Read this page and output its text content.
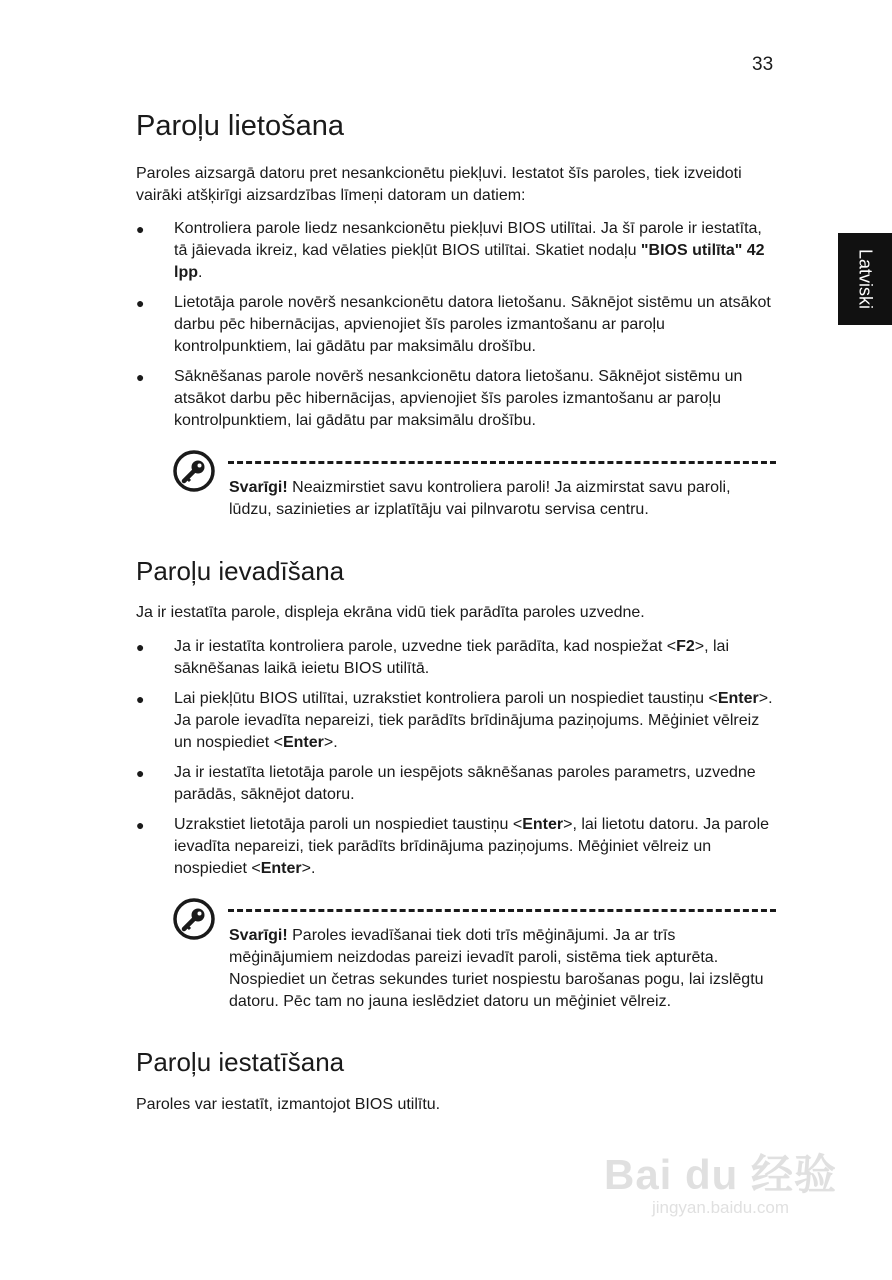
33
Latviski
Paroļu lietošana
Paroles aizsargā datoru pret nesankcionētu piekļuvi. Iestatot šīs paroles, tiek izveidoti vairāki atšķirīgi aizsardzības līmeņi datoram un datiem:
●	Kontroliera parole liedz nesankcionētu piekļuvi BIOS utilītai. Ja šī parole ir iestatīta, tā jāievada ikreiz, kad vēlaties piekļūt BIOS utilītai. Skatiet nodaļu "BIOS utilīta" 42 lpp.
●	Lietotāja parole novērš nesankcionētu datora lietošanu. Sāknējot sistēmu un atsākot darbu pēc hibernācijas, apvienojiet šīs paroles izmantošanu ar paroļu kontrolpunktiem, lai gādātu par maksimālu drošību.
●	Sāknēšanas parole novērš nesankcionētu datora lietošanu. Sāknējot sistēmu un atsākot darbu pēc hibernācijas, apvienojiet šīs paroles izmantošanu ar paroļu kontrolpunktiem, lai gādātu par maksimālu drošību.
Svarīgi! Neaizmirstiet savu kontroliera paroli! Ja aizmirstat savu paroli, lūdzu, sazinieties ar izplatītāju vai pilnvarotu servisa centru.
Paroļu ievadīšana
Ja ir iestatīta parole, displeja ekrāna vidū tiek parādīta paroles uzvedne.
●	Ja ir iestatīta kontroliera parole, uzvedne tiek parādīta, kad nospiežat <F2>, lai sāknēšanas laikā ieietu BIOS utilītā.
●	Lai piekļūtu BIOS utilītai, uzrakstiet kontroliera paroli un nospiediet taustiņu <Enter>. Ja parole ievadīta nepareizi, tiek parādīts brīdinājuma paziņojums. Mēģiniet vēlreiz un nospiediet <Enter>.
●	Ja ir iestatīta lietotāja parole un iespējots sāknēšanas paroles parametrs, uzvedne parādās, sāknējot datoru.
●	Uzrakstiet lietotāja paroli un nospiediet taustiņu <Enter>, lai lietotu datoru. Ja parole ievadīta nepareizi, tiek parādīts brīdinājuma paziņojums. Mēģiniet vēlreiz un nospiediet <Enter>.
Svarīgi! Paroles ievadīšanai tiek doti trīs mēģinājumi. Ja ar trīs mēģinājumiem neizdodas pareizi ievadīt paroli, sistēma tiek apturēta. Nospiediet un četras sekundes turiet nospiestu barošanas pogu, lai izslēgtu datoru. Pēc tam no jauna ieslēdziet datoru un mēģiniet vēlreiz.
Paroļu iestatīšana
Paroles var iestatīt, izmantojot BIOS utilītu.
Bai du 经验
jingyan.baidu.com
